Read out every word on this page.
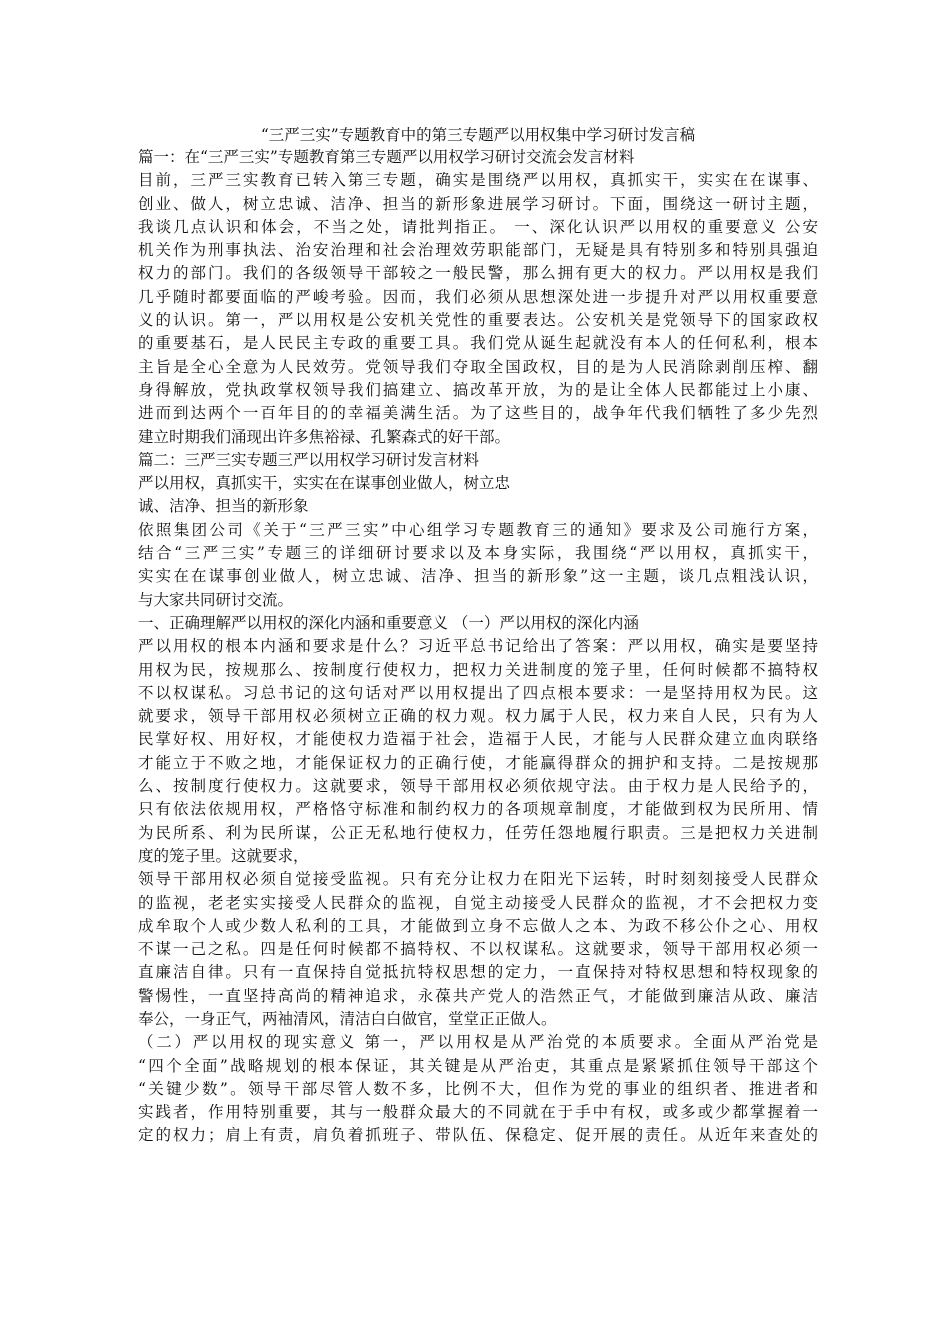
“三严三实”专题教育中的第三专题严以用权集中学习研讨发言稿

篇一：在“三严三实”专题教育第三专题严以用权学习研讨交流会发言材料

目前，三严三实教育已转入第三专题，确实是围绕严以用权，真抓实干，实实在在谋事、

创业、做人，树立忠诚、洁净、担当的新形象进展学习研讨。下面，围绕这一研讨主题，

我谈几点认识和体会，不当之处，请批判指正。 一、深化认识严以用权的重要意义 公安

机关作为刑事执法、治安治理和社会治理效劳职能部门，无疑是具有特别多和特别具强迫

权力的部门。我们的各级领导干部较之一般民警，那么拥有更大的权力。严以用权是我们

几乎随时都要面临的严峻考验。因而，我们必须从思想深处进一步提升对严以用权重要意

义的认识。第一，严以用权是公安机关党性的重要表达。公安机关是党领导下的国家政权

的重要基石，是人民民主专政的重要工具。我们党从诞生起就没有本人的任何私利，根本

主旨是全心全意为人民效劳。党领导我们夺取全国政权，目的是为人民消除剥削压榨、翻

身得解放，党执政掌权领导我们搞建立、搞改革开放，为的是让全体人民都能过上小康、

进而到达两个一百年目的的幸福美满生活。为了这些目的，战争年代我们牺牲了多少先烈

建立时期我们涌现出许多焦裕禄、孔繁森式的好干部。

篇二：三严三实专题三严以用权学习研讨发言材料

严以用权，真抓实干，实实在在谋事创业做人，树立忠

诚、洁净、担当的新形象

依照集团公司《关于“三严三实”中心组学习专题教育三的通知》要求及公司施行方案，

结合“三严三实”专题三的详细研讨要求以及本身实际，我围绕“严以用权，真抓实干，

实实在在谋事创业做人，树立忠诚、洁净、担当的新形象”这一主题，谈几点粗浅认识，

与大家共同研讨交流。

一、正确理解严以用权的深化内涵和重要意义 （一）严以用权的深化内涵

严以用权的根本内涵和要求是什么？习近平总书记给出了答案：严以用权，确实是要坚持

用权为民，按规那么、按制度行使权力，把权力关进制度的笼子里，任何时候都不搞特权

不以权谋私。习总书记的这句话对严以用权提出了四点根本要求：一是坚持用权为民。这

就要求，领导干部用权必须树立正确的权力观。权力属于人民，权力来自人民，只有为人

民掌好权、用好权，才能使权力造福于社会，造福于人民，才能与人民群众建立血肉联络

才能立于不败之地，才能保证权力的正确行使，才能赢得群众的拥护和支持。二是按规那

么、按制度行使权力。这就要求，领导干部用权必须依规守法。由于权力是人民给予的，

只有依法依规用权，严格恪守标准和制约权力的各项规章制度，才能做到权为民所用、情

为民所系、利为民所谋，公正无私地行使权力，任劳任怨地履行职责。三是把权力关进制

度的笼子里。这就要求，

领导干部用权必须自觉接受监视。只有充分让权力在阳光下运转，时时刻刻接受人民群众

的监视，老老实实接受人民群众的监视，自觉主动接受人民群众的监视，才不会把权力变

成牟取个人或少数人私利的工具，才能做到立身不忘做人之本、为政不移公仆之心、用权

不谋一己之私。四是任何时候都不搞特权、不以权谋私。这就要求，领导干部用权必须一

直廉洁自律。只有一直保持自觉抵抗特权思想的定力，一直保持对特权思想和特权现象的

警惕性，一直坚持高尚的精神追求，永葆共产党人的浩然正气，才能做到廉洁从政、廉洁

奉公，一身正气，两袖清风，清洁白白做官，堂堂正正做人。

（二）严以用权的现实意义 第一，严以用权是从严治党的本质要求。全面从严治党是

“四个全面”战略规划的根本保证，其关键是从严治吏，其重点是紧紧抓住领导干部这个

“关键少数”。领导干部尽管人数不多，比例不大，但作为党的事业的组织者、推进者和

实践者，作用特别重要，其与一般群众最大的不同就在于手中有权，或多或少都掌握着一

定的权力；肩上有责，肩负着抓班子、带队伍、保稳定、促开展的责任。从近年来查处的
